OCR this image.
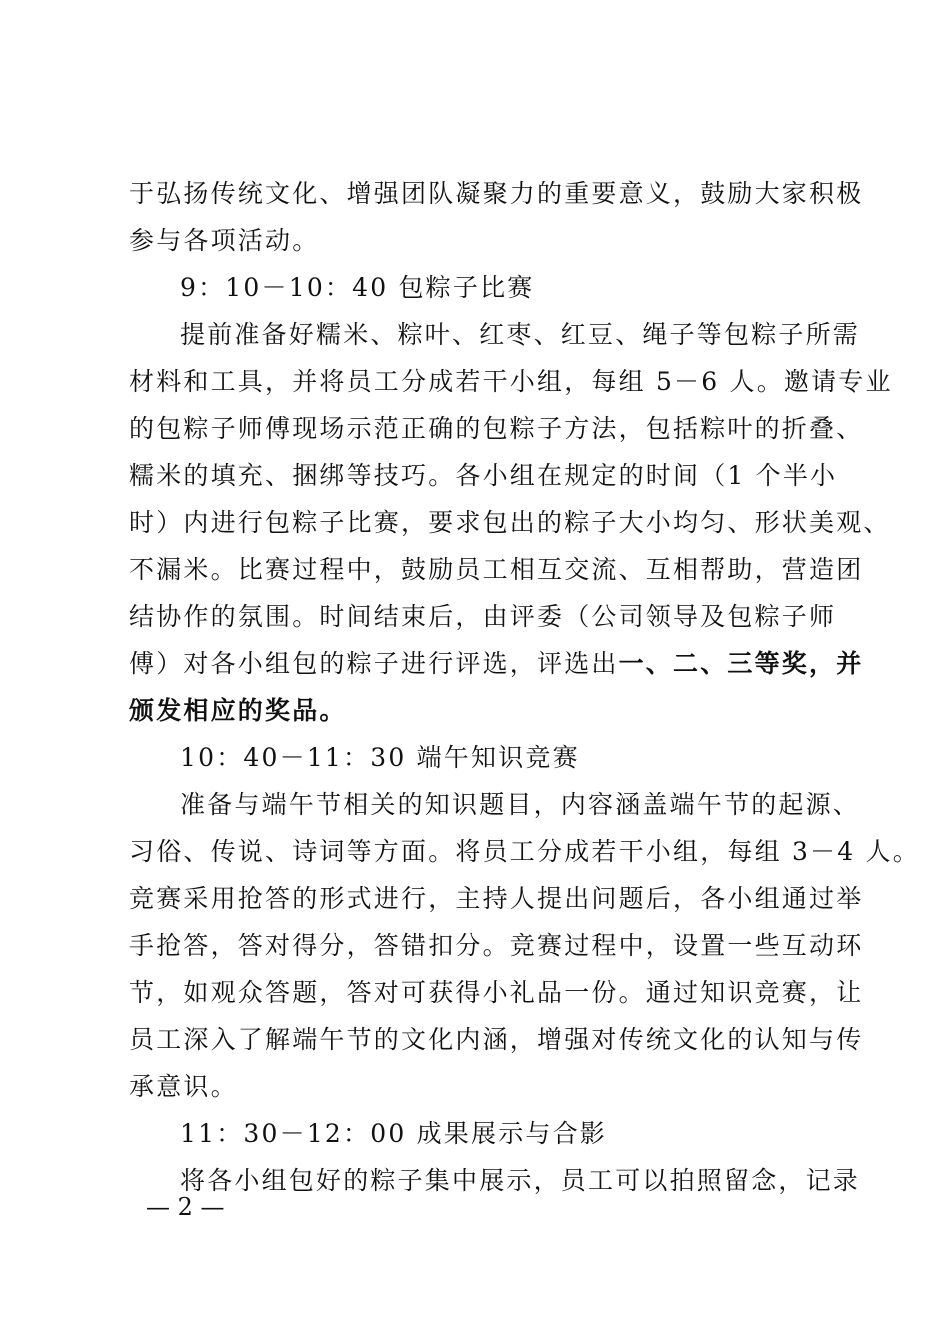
于弘扬传统文化、增强团队凝聚力的重要意义，鼓励大家积极
参与各项活动。
9：10－10：40 包粽子比赛
提前准备好糯米、粽叶、红枣、红豆、绳子等包粽子所需
材料和工具，并将员工分成若干小组，每组 5－6 人。邀请专业
的包粽子师傅现场示范正确的包粽子方法，包括粽叶的折叠、
糯米的填充、捆绑等技巧。各小组在规定的时间（1 个半小
时）内进行包粽子比赛，要求包出的粽子大小均匀、形状美观、
不漏米。比赛过程中，鼓励员工相互交流、互相帮助，营造团
结协作的氛围。时间结束后，由评委（公司领导及包粽子师
傅）对各小组包的粽子进行评选，评选出一、二、三等奖，并
颁发相应的奖品。
10：40－11：30 端午知识竞赛
准备与端午节相关的知识题目，内容涵盖端午节的起源、
习俗、传说、诗词等方面。将员工分成若干小组，每组 3－4 人。
竞赛采用抢答的形式进行，主持人提出问题后，各小组通过举
手抢答，答对得分，答错扣分。竞赛过程中，设置一些互动环
节，如观众答题，答对可获得小礼品一份。通过知识竞赛，让
员工深入了解端午节的文化内涵，增强对传统文化的认知与传
承意识。
11：30－12：00 成果展示与合影
将各小组包好的粽子集中展示，员工可以拍照留念，记录
— 2 —
